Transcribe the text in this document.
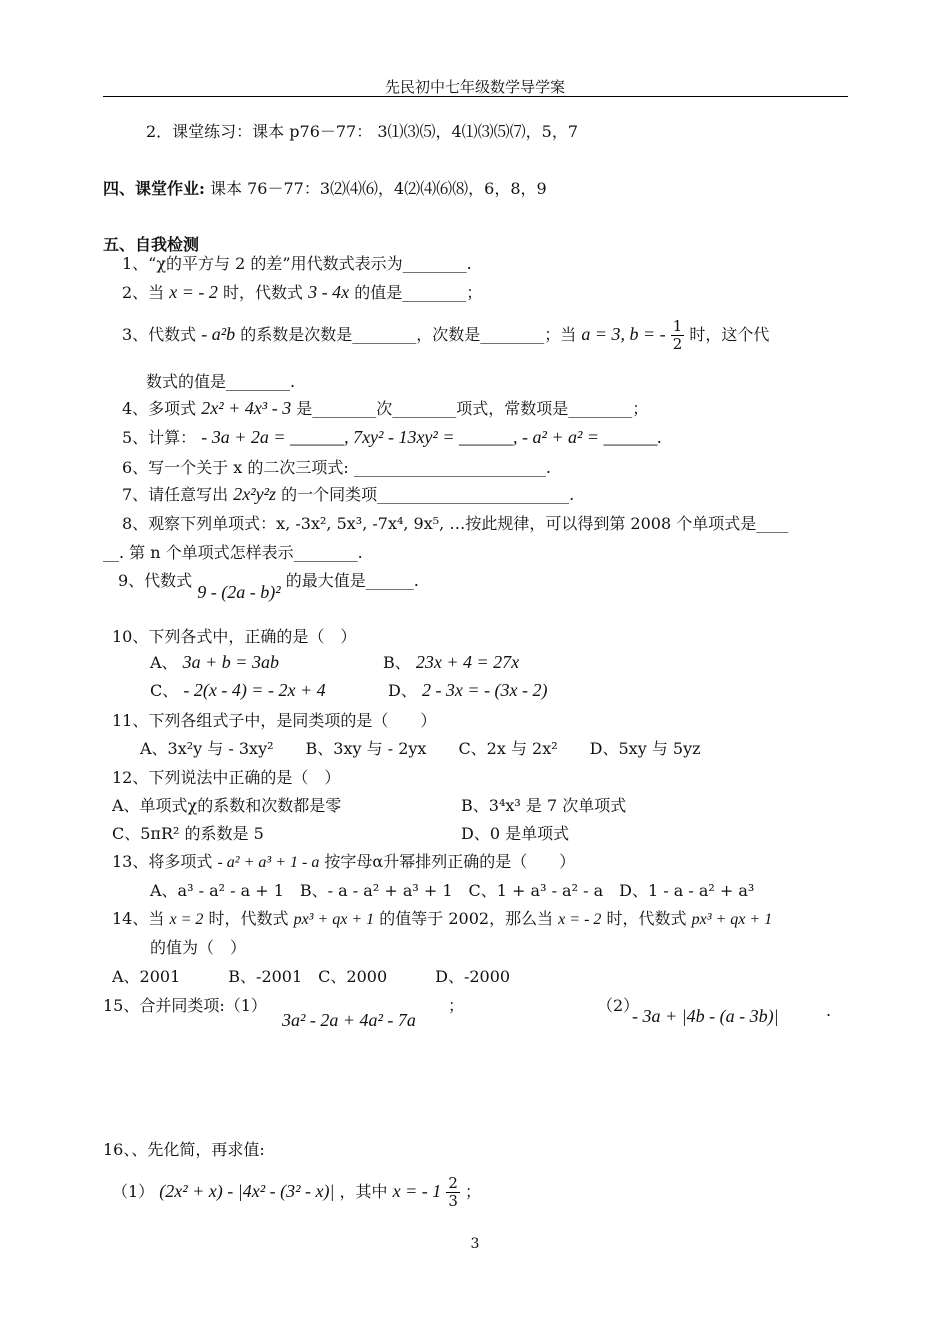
先民初中七年级数学导学案
2．课堂练习：课本 p76－77： 3⑴⑶⑸，4⑴⑶⑸⑺，5，7
四、课堂作业: 课本 76－77：3⑵⑷⑹，4⑵⑷⑹⑻，6，8，9
五、自我检测
1、“χ的平方与 2 的差”用代数式表示为________.
2、当 x = - 2 时，代数式 3 - 4x 的值是________；
3、代数式 - a²b 的系数是次数是________，次数是________；当 a = 3, b = - $\frac{1}{2}$ 时，这个代
数式的值是________.
4、多项式 2x² + 4x³ - 3 是________次________项式，常数项是________；
5、计算： - 3a + 2a = ______, 7xy² - 13xy² = ______, - a² + a² = ______.
6、写一个关于 x 的二次三项式: ________________________.
7、请任意写出 2x²y²z 的一个同类项________________________.
8、观察下列单项式：x, -3x², 5x³, -7x⁴, 9x⁵, …按此规律，可以得到第 2008 个单项式是____
__. 第 n 个单项式怎样表示________.
9、代数式 9 - (2a - b)² 的最大值是______.
10、下列各式中，正确的是（　）
A、 3a + b = 3ab	B、 23x + 4 = 27x
C、 - 2(x - 4) = - 2x + 4	D、 2 - 3x = - (3x - 2)
11、下列各组式子中，是同类项的是（　　）
A、3x²y 与 - 3xy²　　B、3xy 与 - 2yx　　C、2x 与 2x²　　D、5xy 与 5yz
12、下列说法中正确的是（　）
A、单项式χ的系数和次数都是零	B、3⁴x³ 是 7 次单项式
C、5πR² 的系数是 5	D、0 是单项式
13、将多项式 - a² + a³ + 1 - a 按字母α升幂排列正确的是（　　）
A、a³ - a² - a + 1　B、- a - a² + a³ + 1　C、1 + a³ - a² - a　D、1 - a - a² + a³
14、当 x = 2 时，代数式 px³ + qx + 1 的值等于 2002，那么当 x = - 2 时，代数式 px³ + qx + 1
的值为（　）
A、2001　　　B、-2001　C、2000　　　D、-2000
15、合并同类项:（1）	；
3a² - 2a + 4a² - 7a
（2）
- 3a + |4b - (a - 3b)|	.
16、、先化简，再求值:
（1） (2x² + x) - |4x² - (3² - x)| ，其中 x = - $1 \frac{2}{3}$ ；
3
